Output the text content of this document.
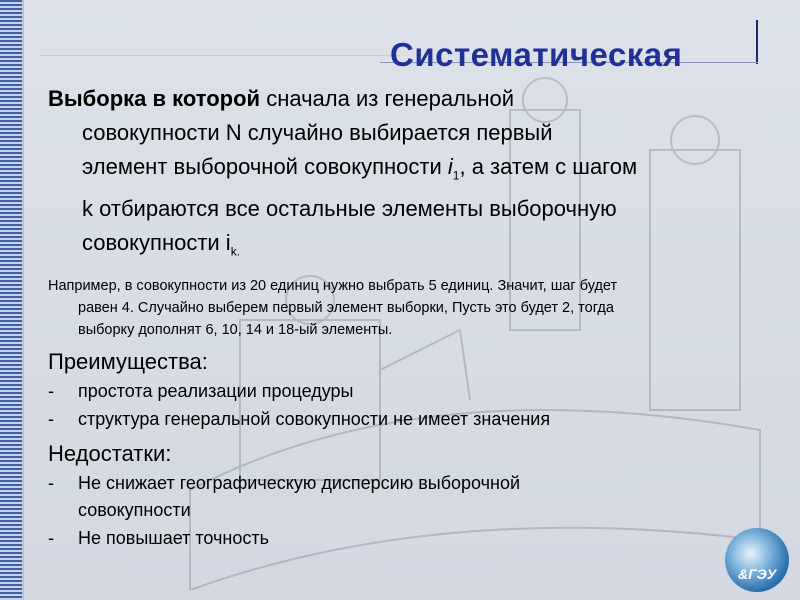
Систематическая
Выборка в которой сначала из генеральной
совокупности N случайно выбирается первый
элемент выборочной совокупности $i_1$, а затем с шагом
k отбираются все остальные элементы выборочную
совокупности $i_{k.}$
Например, в совокупности из 20 единиц нужно выбрать 5 единиц. Значит, шаг будет
равен 4. Случайно выберем первый элемент выборки, Пусть это будет 2, тогда
выборку дополнят 6, 10, 14 и 18-ый элементы.
Преимущества:
-	простота реализации процедуры
-	структура генеральной совокупности не имеет значения
Недостатки:
-	Не снижает географическую дисперсию выборочной
совокупности
-	Не повышает точность
&ГЭУ
